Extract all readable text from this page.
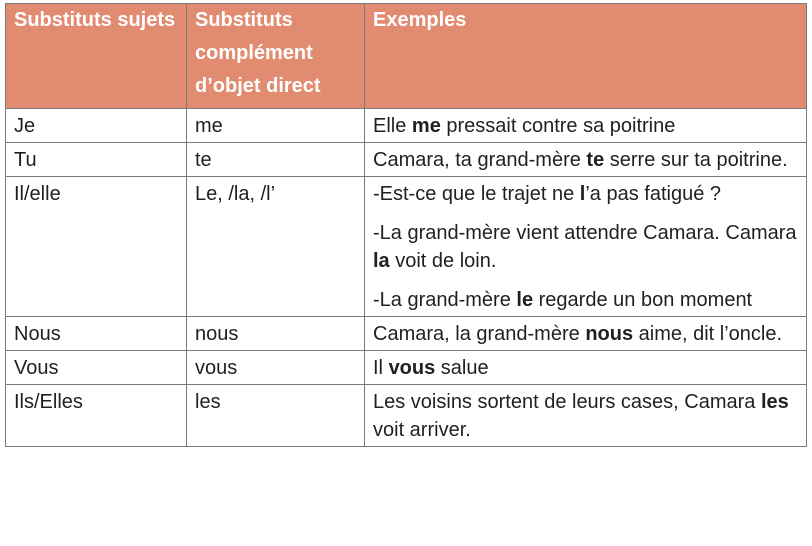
Substituts sujets	Substituts complément d’objet direct	Exemples
Je	me	Elle me pressait contre sa poitrine

Tu	te	Camara, ta grand-mère te serre sur ta poitrine.

Il/elle	Le, /la, /l’	-Est-ce que le trajet ne l’a pas fatigué ?

-La grand-mère vient attendre Camara. Camara la voit de loin.

-La grand-mère le regarde un bon moment

Nous	nous	Camara, la grand-mère nous aime, dit l’oncle.

Vous	vous	Il vous salue

Ils/Elles	les	Les voisins sortent de leurs cases, Camara les voit arriver.
